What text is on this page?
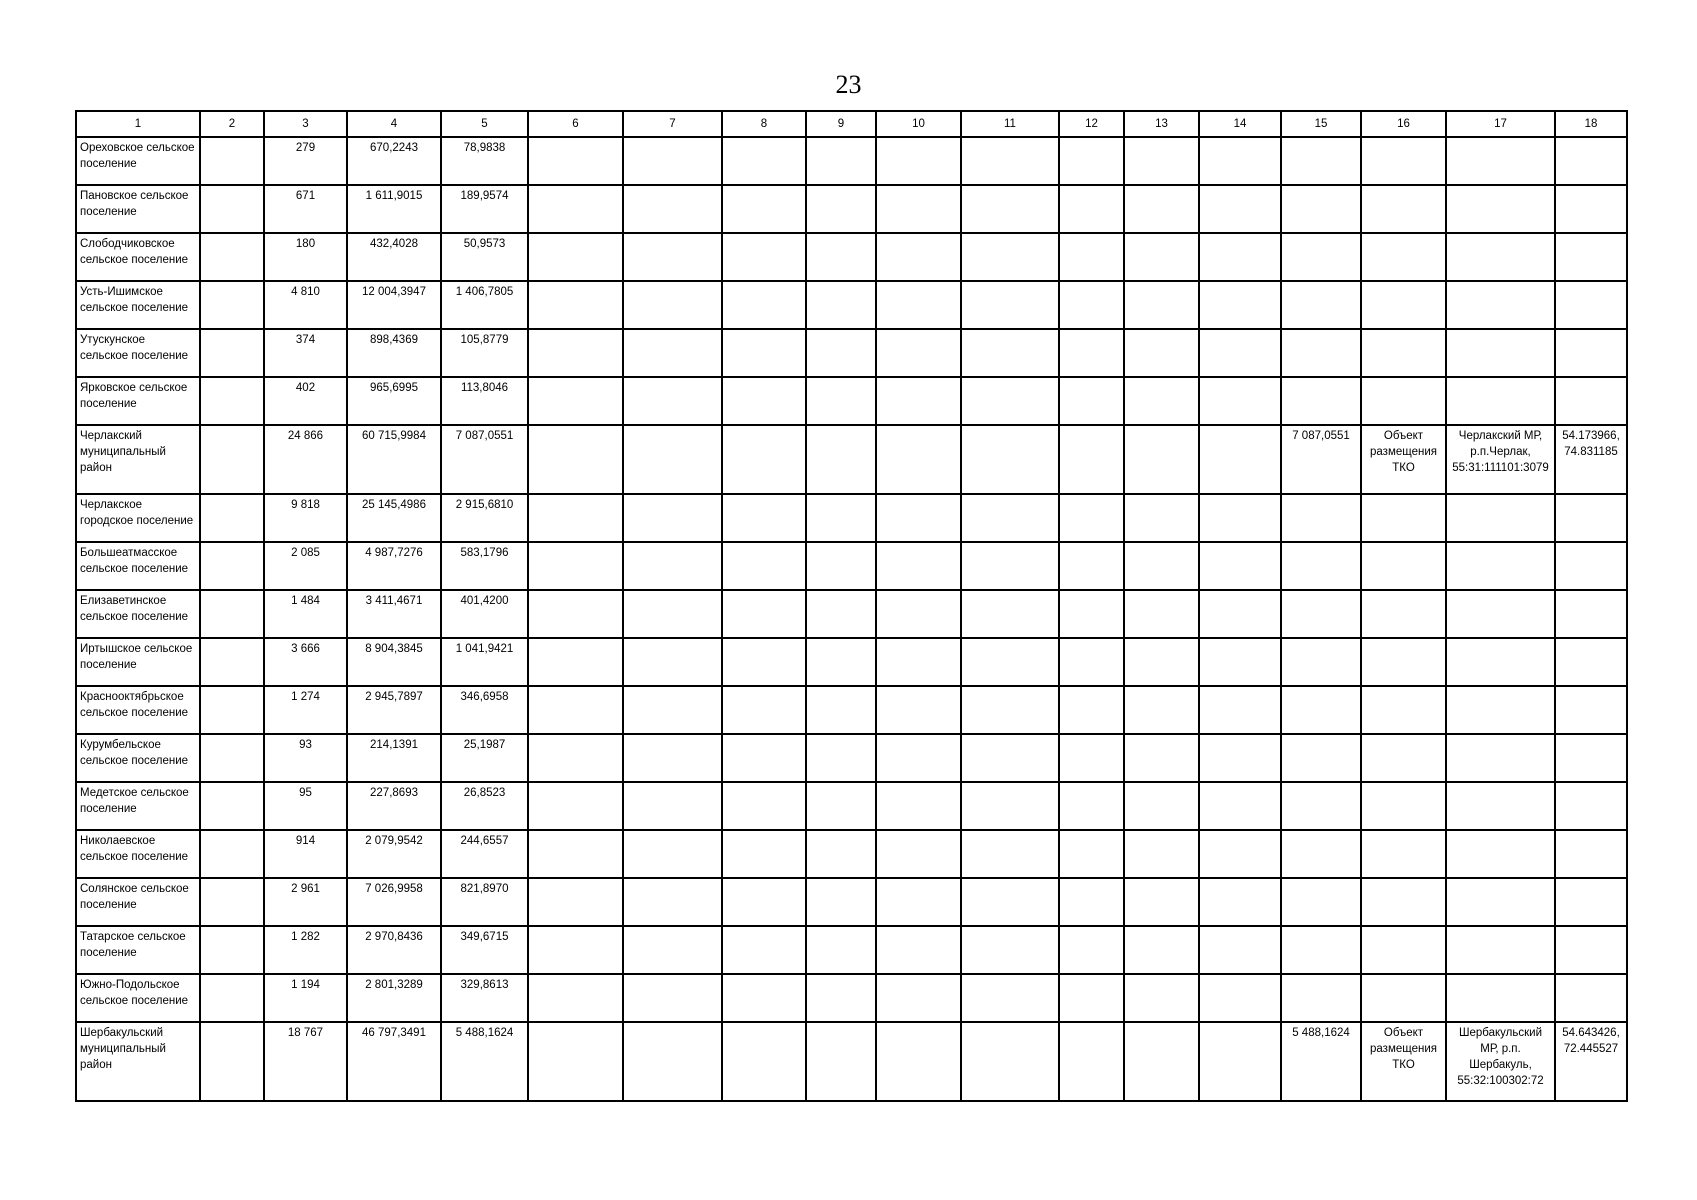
23
1	2	3	4	5	6	7	8	9	10	11	12	13	14	15	16	17	18
Ореховское сельское поселение		279	670,2243	78,9838													
Пановское сельское поселение		671	1 611,9015	189,9574													
Слободчиковское сельское поселение		180	432,4028	50,9573													
Усть-Ишимское сельское поселение		4 810	12 004,3947	1 406,7805													
Утускунское сельское поселение		374	898,4369	105,8779													
Ярковское сельское поселение		402	965,6995	113,8046													
Черлакский муниципальный район		24 866	60 715,9984	7 087,0551										7 087,0551	Объект размещения ТКО	Черлакский МР, р.п.Черлак, 55:31:111101:3079	54.173966, 74.831185
Черлакское городское поселение		9 818	25 145,4986	2 915,6810													
Большеатмасское сельское поселение		2 085	4 987,7276	583,1796													
Елизаветинское сельское поселение		1 484	3 411,4671	401,4200													
Иртышское сельское поселение		3 666	8 904,3845	1 041,9421													
Краснооктябрьское сельское поселение		1 274	2 945,7897	346,6958													
Курумбельское сельское поселение		93	214,1391	25,1987													
Медетское сельское поселение		95	227,8693	26,8523													
Николаевское сельское поселение		914	2 079,9542	244,6557													
Солянское сельское поселение		2 961	7 026,9958	821,8970													
Татарское сельское поселение		1 282	2 970,8436	349,6715													
Южно-Подольское сельское поселение		1 194	2 801,3289	329,8613													
Шербакульский муниципальный район		18 767	46 797,3491	5 488,1624										5 488,1624	Объект размещения ТКО	Шербакульский МР, р.п. Шербакуль, 55:32:100302:72	54.643426, 72.445527
